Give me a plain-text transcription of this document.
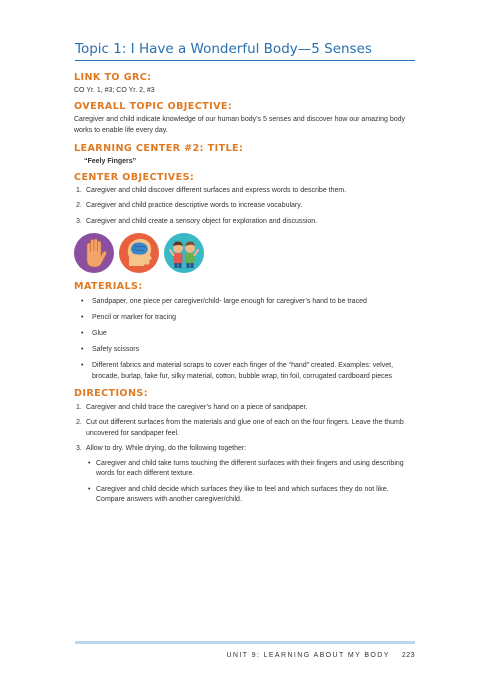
Topic 1: I Have a Wonderful Body—5 Senses
LINK TO GRC:

CO Yr. 1, #3; CO Yr. 2, #3

OVERALL TOPIC OBJECTIVE:

Caregiver and child indicate knowledge of our human body’s 5 senses and discover how our amazing body works to enable life every day.

LEARNING CENTER #2: TITLE:

“Feely Fingers”

CENTER OBJECTIVES:
1. Caregiver and child discover different surfaces and express words to describe them.
2. Caregiver and child practice descriptive words to increase vocabulary.
3. Caregiver and child create a sensory object for exploration and discussion.
MATERIALS:
• Sandpaper, one piece per caregiver/child- large enough for caregiver’s hand to be traced
• Pencil or marker for tracing
• Glue
• Safety scissors
• Different fabrics and material scraps to cover each finger of the “hand” created. Examples: velvet, brocade, burlap, fake fur, silky material, cotton, bubble wrap, tin foil, corrugated cardboard pieces
DIRECTIONS:
1. Caregiver and child trace the caregiver’s hand on a piece of sandpaper.
2. Cut out different surfaces from the materials and glue one of each on the four fingers. Leave the thumb uncovered for sandpaper feel.
3. Allow to dry. While drying, do the following together:
• Caregiver and child take turns touching the different surfaces with their fingers and using describing words for each different texture.
• Caregiver and child decide which surfaces they like to feel and which surfaces they do not like. Compare answers with another caregiver/child.
UNIT 9: LEARNING ABOUT MY BODY 223
